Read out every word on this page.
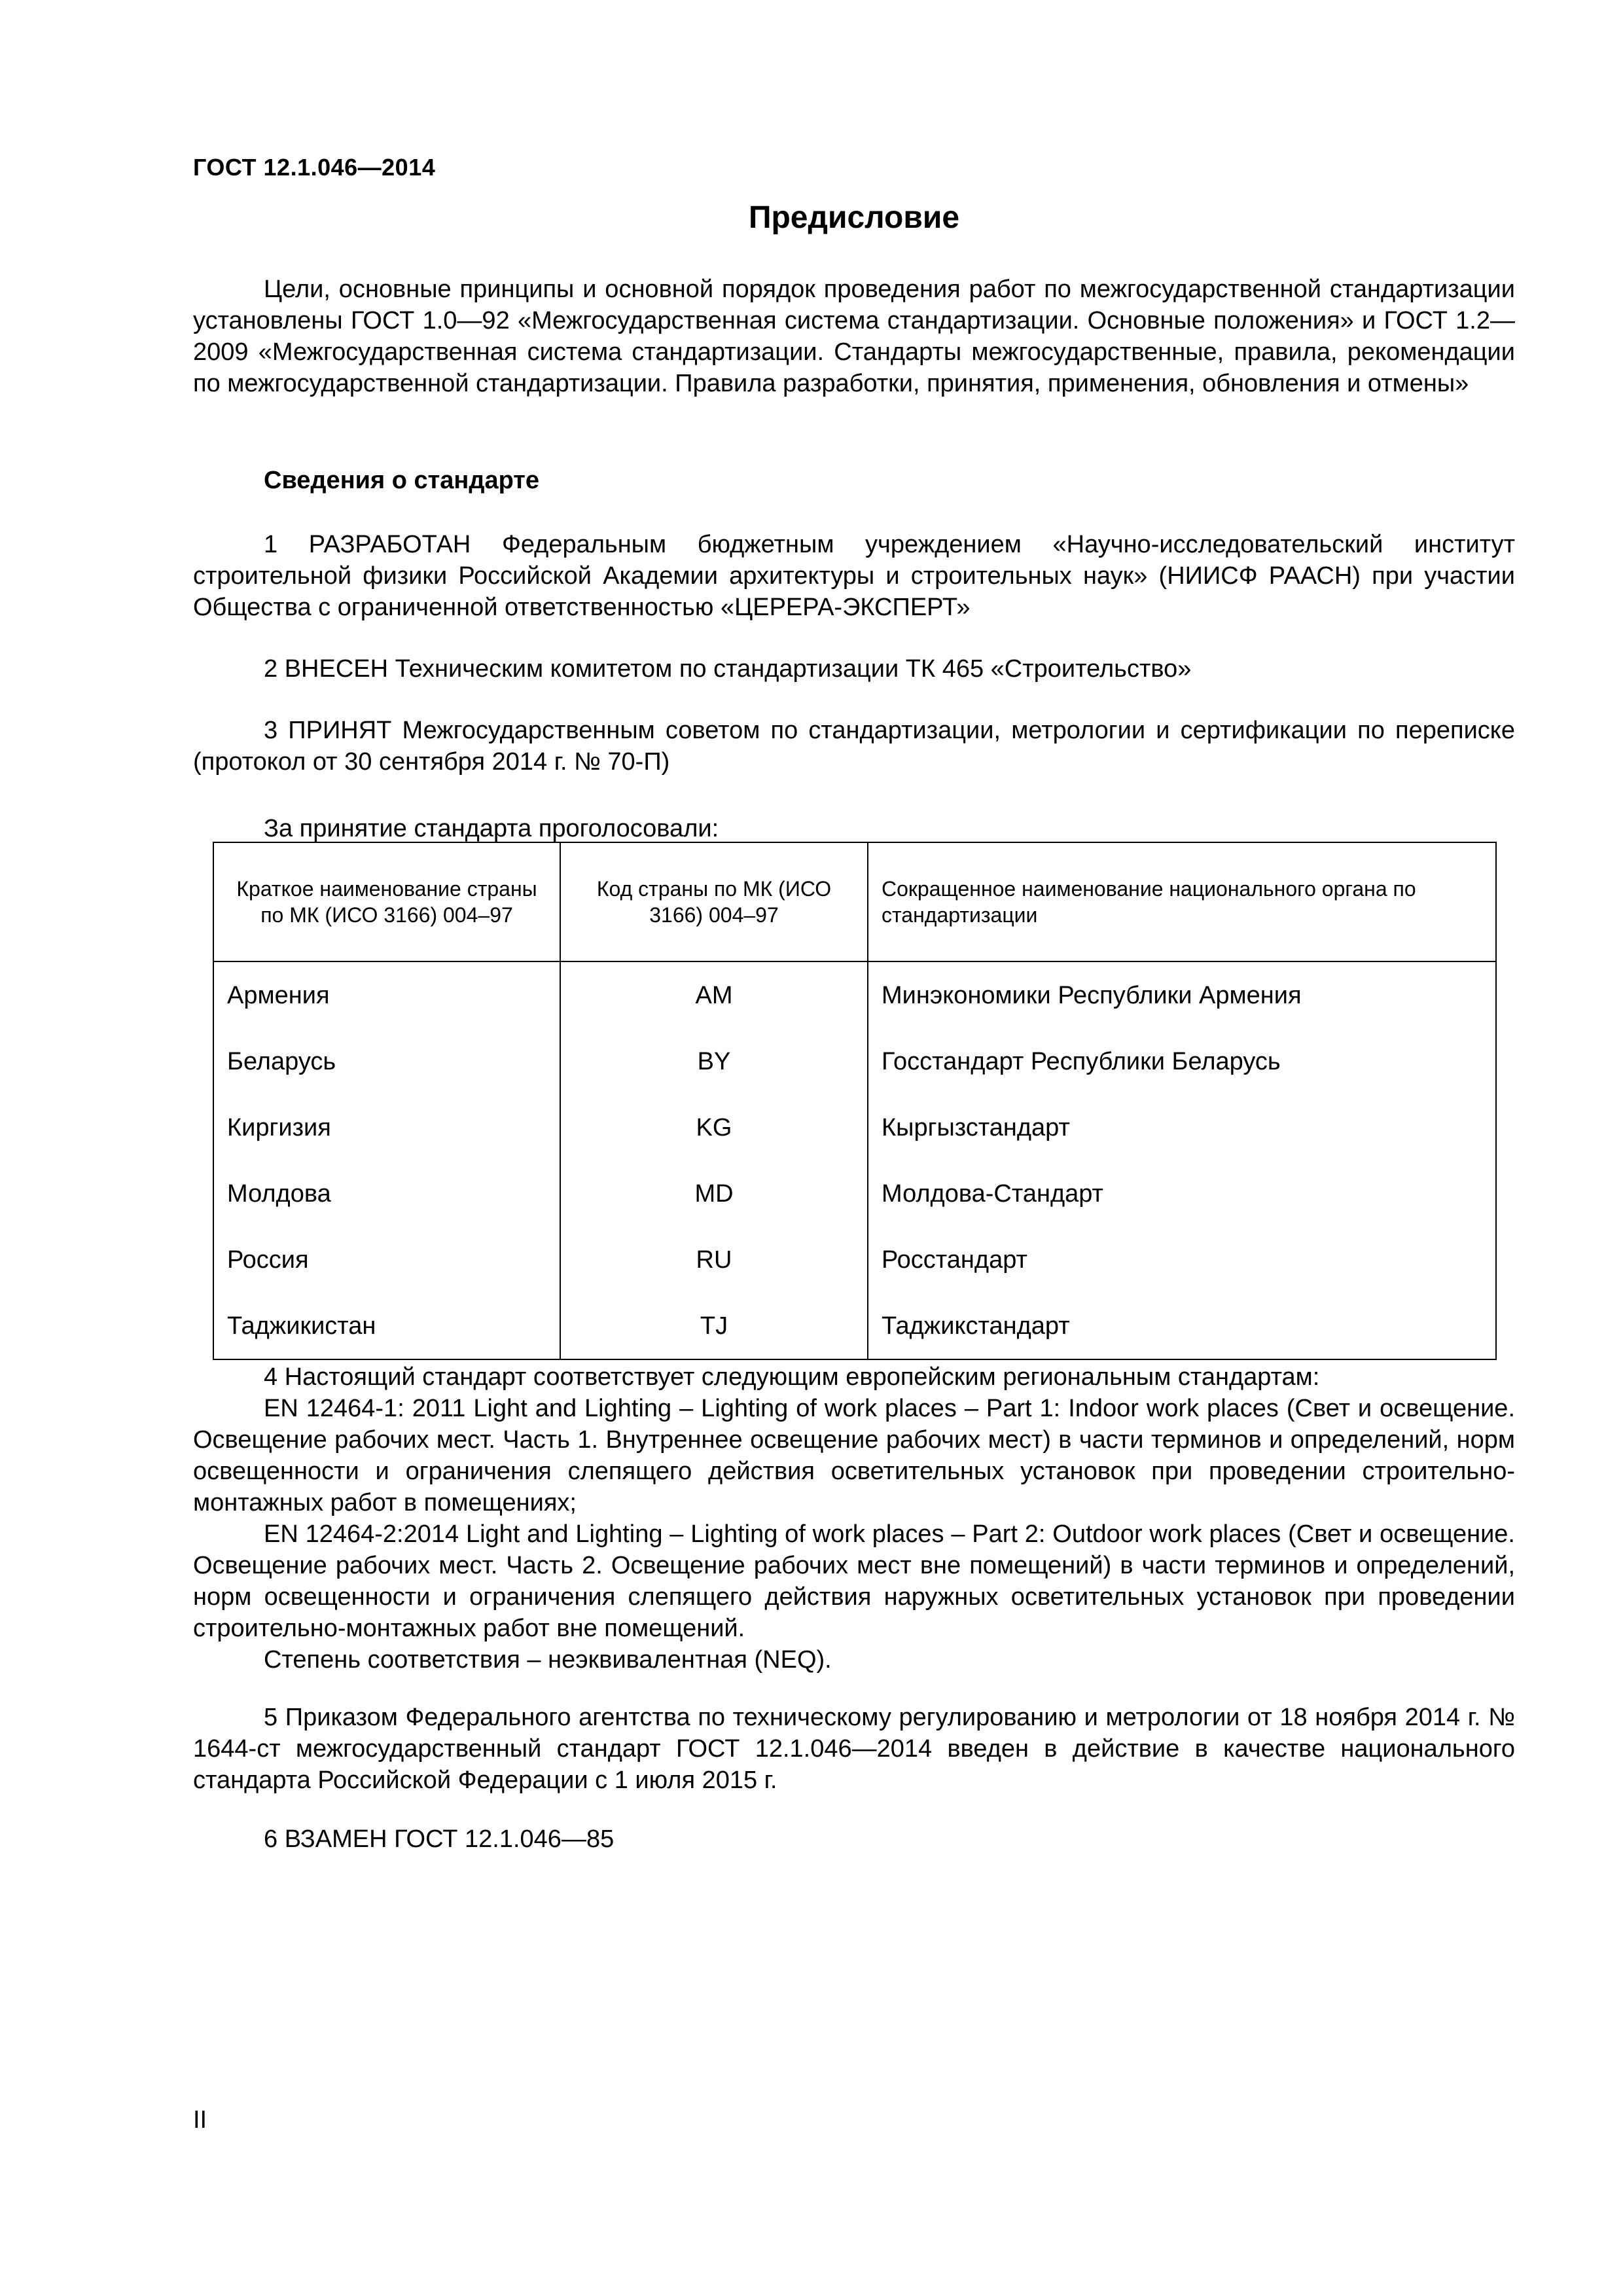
ГОСТ 12.1.046—2014
Предисловие

Цели, основные принципы и основной порядок проведения работ по межгосударственной стандартизации установлены ГОСТ 1.0—92 «Межгосударственная система стандартизации. Основные положения» и ГОСТ 1.2—2009 «Межгосударственная система стандартизации. Стандарты межгосударственные, правила, рекомендации по межгосударственной стандартизации. Правила разработки, принятия, применения, обновления и отмены»

Сведения о стандарте

1 РАЗРАБОТАН Федеральным бюджетным учреждением «Научно-исследовательский институт строительной физики Российской Академии архитектуры и строительных наук» (НИИСФ РААСН) при участии Общества с ограниченной ответственностью «ЦЕРЕРА-ЭКСПЕРТ»

2 ВНЕСЕН Техническим комитетом по стандартизации ТК 465 «Строительство»

3 ПРИНЯТ Межгосударственным советом по стандартизации, метрологии и сертификации по переписке (протокол от 30 сентября 2014 г. № 70-П)

За принятие стандарта проголосовали:
Краткое наименование страны по МК (ИСО 3166) 004–97	Код страны по МК (ИСО 3166) 004–97	Сокращенное наименование национального органа по стандартизации
Армения	AM	Минэкономики Республики Армения
Беларусь	BY	Госстандарт Республики Беларусь
Киргизия	KG	Кыргызстандарт
Молдова	MD	Молдова-Стандарт
Россия	RU	Росстандарт
Таджикистан	TJ	Таджикстандарт

4 Настоящий стандарт соответствует следующим европейским региональным стандартам:

EN 12464-1: 2011 Light and Lighting – Lighting of work places – Part 1: Indoor work places (Свет и освещение. Освещение рабочих мест. Часть 1. Внутреннее освещение рабочих мест) в части терминов и определений, норм освещенности и ограничения слепящего действия осветительных установок при проведении строительно-монтажных работ в помещениях;

EN 12464-2:2014 Light and Lighting – Lighting of work places – Part 2: Outdoor work places (Свет и освещение. Освещение рабочих мест. Часть 2. Освещение рабочих мест вне помещений) в части терминов и определений, норм освещенности и ограничения слепящего действия наружных осветительных установок при проведении строительно-монтажных работ вне помещений.

Степень соответствия – неэквивалентная (NEQ).

5 Приказом Федерального агентства по техническому регулированию и метрологии от 18 ноября 2014 г. № 1644-ст межгосударственный стандарт ГОСТ 12.1.046—2014 введен в действие в качестве национального стандарта Российской Федерации с 1 июля 2015 г.

6 ВЗАМЕН ГОСТ 12.1.046—85

II
